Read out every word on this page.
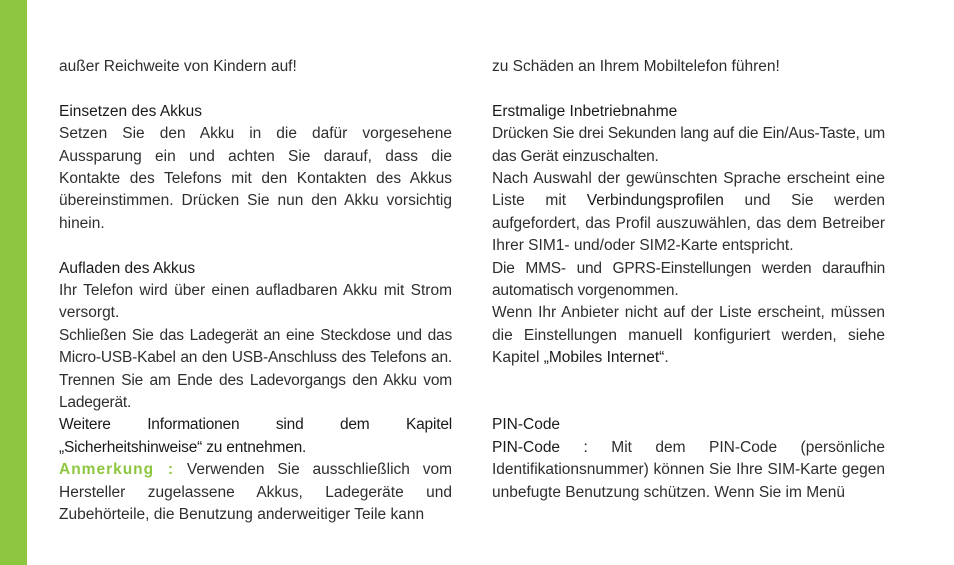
außer Reichweite von Kindern auf!

Einsetzen des Akkus

Setzen Sie den Akku in die dafür vorgesehene Aussparung ein und achten Sie darauf, dass die Kontakte des Telefons mit den Kontakten des Akkus übereinstimmen. Drücken Sie nun den Akku vorsichtig hinein.

Aufladen des Akkus

Ihr Telefon wird über einen aufladbaren Akku mit Strom versorgt.

Schließen Sie das Ladegerät an eine Steckdose und das Micro-USB-Kabel an den USB-Anschluss des Telefons an. Trennen Sie am Ende des Ladevorgangs den Akku vom Ladegerät.

Weitere Informationen sind dem Kapitel „Sicherheitshinweise“ zu entnehmen.

Anmerkung : Verwenden Sie ausschließlich vom Hersteller zugelassene Akkus, Ladegeräte und Zubehörteile, die Benutzung anderweitiger Teile kann

zu Schäden an Ihrem Mobiltelefon führen!

Erstmalige Inbetriebnahme

Drücken Sie drei Sekunden lang auf die Ein/Aus-Taste, um das Gerät einzuschalten.

Nach Auswahl der gewünschten Sprache erscheint eine Liste mit Verbindungsprofilen und Sie werden aufgefordert, das Profil auszuwählen, das dem Betreiber Ihrer SIM1- und/oder SIM2-Karte entspricht.

Die MMS- und GPRS-Einstellungen werden daraufhin automatisch vorgenommen.

Wenn Ihr Anbieter nicht auf der Liste erscheint, müssen die Einstellungen manuell konfiguriert werden, siehe Kapitel „Mobiles Internet“.

PIN-Code

PIN-Code : Mit dem PIN-Code (persönliche Identifikationsnummer) können Sie Ihre SIM-Karte gegen unbefugte Benutzung schützen. Wenn Sie im Menü
